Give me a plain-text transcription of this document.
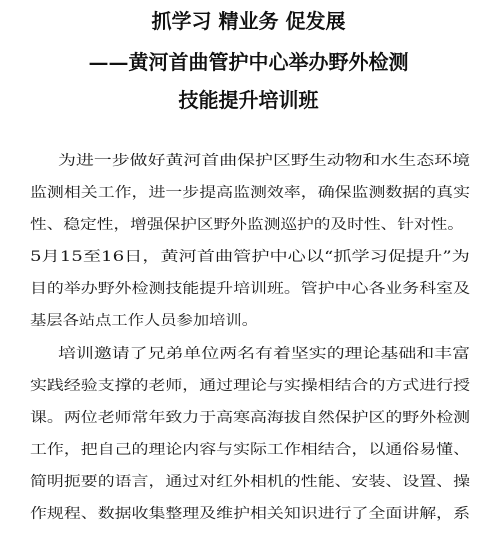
抓学习 精业务 促发展
——黄河首曲管护中心举办野外检测
技能提升培训班
为进一步做好黄河首曲保护区野生动物和水生态环境
监测相关工作，进一步提高监测效率，确保监测数据的真实
性、稳定性，增强保护区野外监测巡护的及时性、针对性。
5月15至16日，黄河首曲管护中心以“抓学习促提升”为
目的举办野外检测技能提升培训班。管护中心各业务科室及
基层各站点工作人员参加培训。
培训邀请了兄弟单位两名有着坚实的理论基础和丰富
实践经验支撑的老师，通过理论与实操相结合的方式进行授
课。两位老师常年致力于高寒高海拔自然保护区的野外检测
工作，把自己的理论内容与实际工作相结合，以通俗易懂、
简明扼要的语言，通过对红外相机的性能、安装、设置、操
作规程、数据收集整理及维护相关知识进行了全面讲解，系
